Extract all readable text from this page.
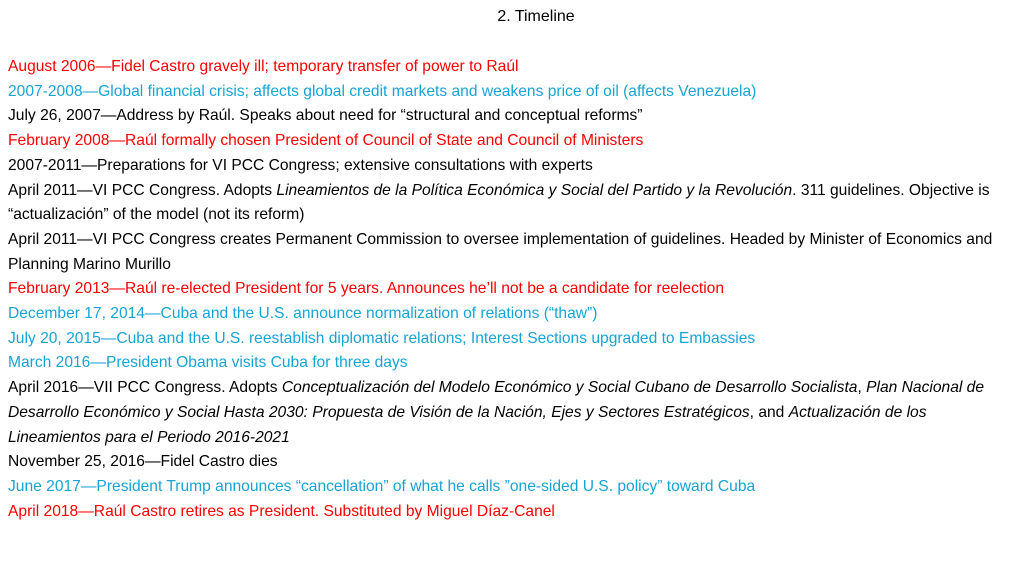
2. Timeline

August 2006—Fidel Castro gravely ill; temporary transfer of power to Raúl

2007-2008—Global financial crisis; affects global credit markets and weakens price of oil (affects Venezuela)

July 26, 2007—Address by Raúl. Speaks about need for “structural and conceptual reforms”

February 2008—Raúl formally chosen President of Council of State and Council of Ministers

2007-2011—Preparations for VI PCC Congress; extensive consultations with experts

April 2011—VI PCC Congress. Adopts Lineamientos de la Política Económica y Social del Partido y la Revolución. 311 guidelines. Objective is “actualización” of the model (not its reform)

April 2011—VI PCC Congress creates Permanent Commission to oversee implementation of guidelines. Headed by Minister of Economics and Planning Marino Murillo

February 2013—Raúl re-elected President for 5 years. Announces he’ll not be a candidate for reelection

December 17, 2014—Cuba and the U.S. announce normalization of relations (“thaw”)

July 20, 2015—Cuba and the U.S. reestablish diplomatic relations; Interest Sections upgraded to Embassies

March 2016—President Obama visits Cuba for three days

April 2016—VII PCC Congress. Adopts Conceptualización del Modelo Económico y Social Cubano de Desarrollo Socialista, Plan Nacional de Desarrollo Económico y Social Hasta 2030: Propuesta de Visión de la Nación, Ejes y Sectores Estratégicos, and Actualización de los Lineamientos para el Periodo 2016-2021

November 25, 2016—Fidel Castro dies

June 2017—President Trump announces “cancellation” of what he calls ”one-sided U.S. policy” toward Cuba

April 2018—Raúl Castro retires as President. Substituted by Miguel Díaz-Canel
